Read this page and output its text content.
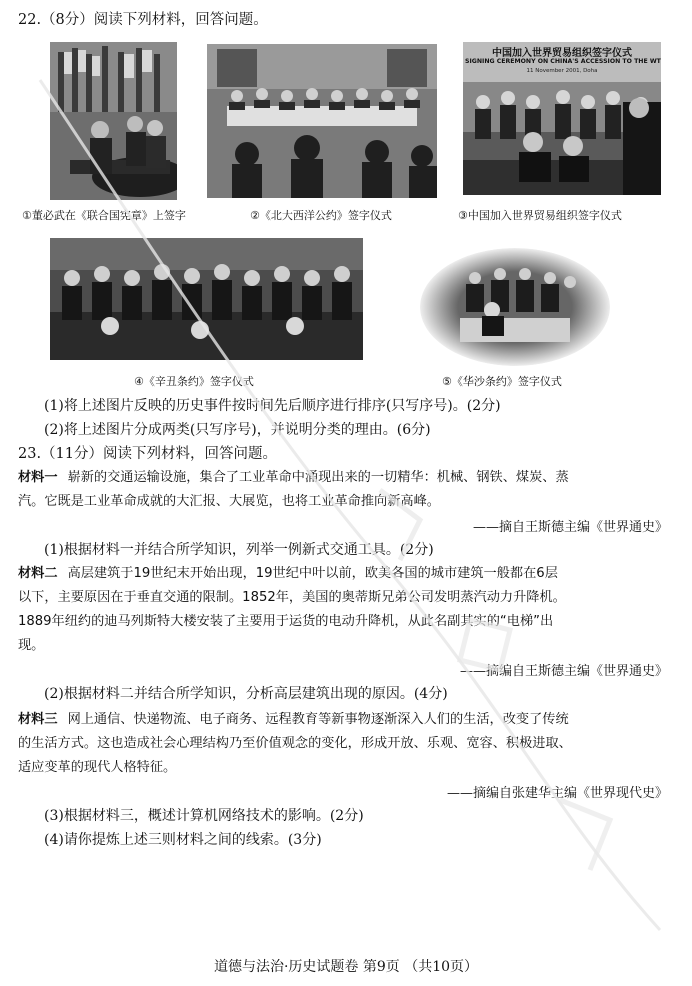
22.（8分）阅读下列材料，回答问题。
①董必武在《联合国宪章》上签字	②《北大西洋公约》签字仪式
中国加入世界贸易组织签字仪式
SIGNING CEREMONY ON CHINA'S ACCESSION TO THE WT
11 November 2001, Doha
③中国加入世界贸易组织签字仪式
④《辛丑条约》签字仪式	⑤《华沙条约》签字仪式
(1)将上述图片反映的历史事件按时间先后顺序进行排序(只写序号)。(2分)
(2)将上述图片分成两类(只写序号)，并说明分类的理由。(6分)
23.（11分）阅读下列材料，回答问题。
材料一 崭新的交通运输设施，集合了工业革命中涌现出来的一切精华：机械、钢铁、煤炭、蒸
汽。它既是工业革命成就的大汇报、大展览，也将工业革命推向新高峰。
——摘自王斯德主编《世界通史》
(1)根据材料一并结合所学知识，列举一例新式交通工具。(2分)
材料二 高层建筑于19世纪末开始出现，19世纪中叶以前，欧美各国的城市建筑一般都在6层
以下，主要原因在于垂直交通的限制。1852年，美国的奥蒂斯兄弟公司发明蒸汽动力升降机。
1889年纽约的迪马列斯特大楼安装了主要用于运货的电动升降机，从此名副其实的“电梯”出
现。
——摘编自王斯德主编《世界通史》
(2)根据材料二并结合所学知识，分析高层建筑出现的原因。(4分)
材料三 网上通信、快递物流、电子商务、远程教育等新事物逐渐深入人们的生活，改变了传统
的生活方式。这也造成社会心理结构乃至价值观念的变化，形成开放、乐观、宽容、积极进取、
适应变革的现代人格特征。
——摘编自张建华主编《世界现代史》
(3)根据材料三，概述计算机网络技术的影响。(2分)
(4)请你提炼上述三则材料之间的线索。(3分)
道德与法治·历史试题卷 第9页 （共10页）
